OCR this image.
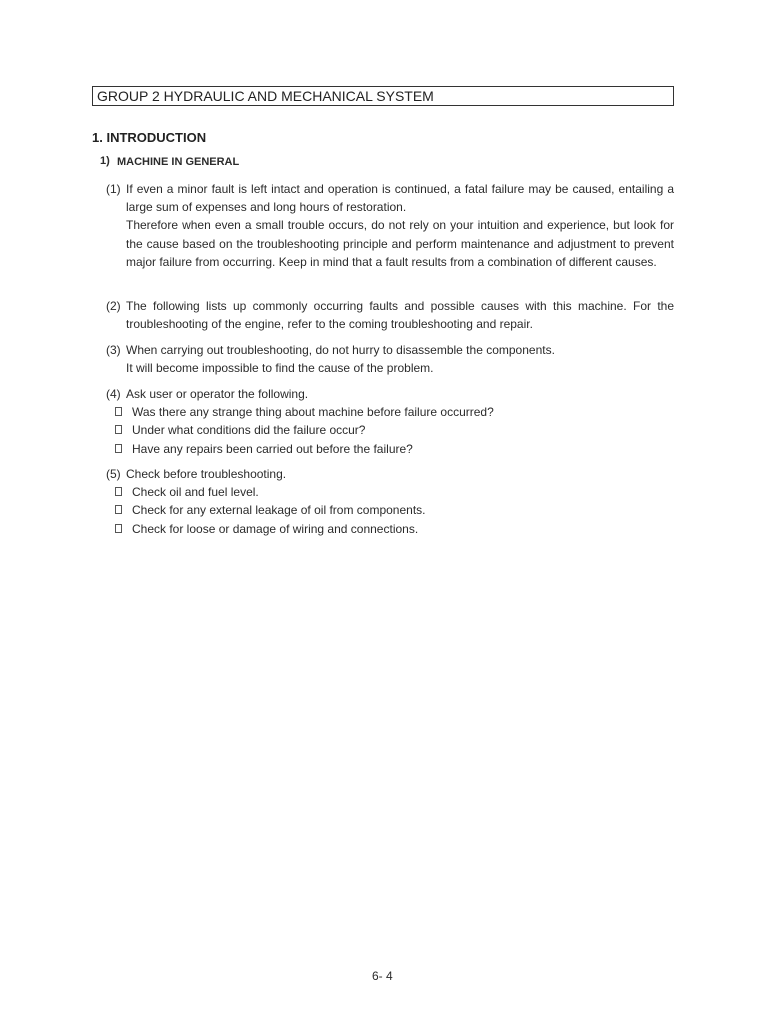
GROUP 2 HYDRAULIC AND MECHANICAL SYSTEM
1. INTRODUCTION
1) MACHINE IN GENERAL
(1) If even a minor fault is left intact and operation is continued, a fatal failure may be caused, entailing a large sum of expenses and long hours of restoration.

Therefore when even a small trouble occurs, do not rely on your intuition and experience, but look for the cause based on the troubleshooting principle and perform maintenance and adjustment to prevent major failure from occurring. Keep in mind that a fault results from a combination of different causes.

(2) The following lists up commonly occurring faults and possible causes with this machine. For the troubleshooting of the engine, refer to the coming troubleshooting and repair.

(3) When carrying out troubleshooting, do not hurry to disassemble the components.

It will become impossible to find the cause of the problem.

(4) Ask user or operator the following.

Was there any strange thing about machine before failure occurred?
Under what conditions did the failure occur?
Have any repairs been carried out before the failure?
(5) Check before troubleshooting.

Check oil and fuel level.
Check for any external leakage of oil from components.
Check for loose or damage of wiring and connections.
6- 4
